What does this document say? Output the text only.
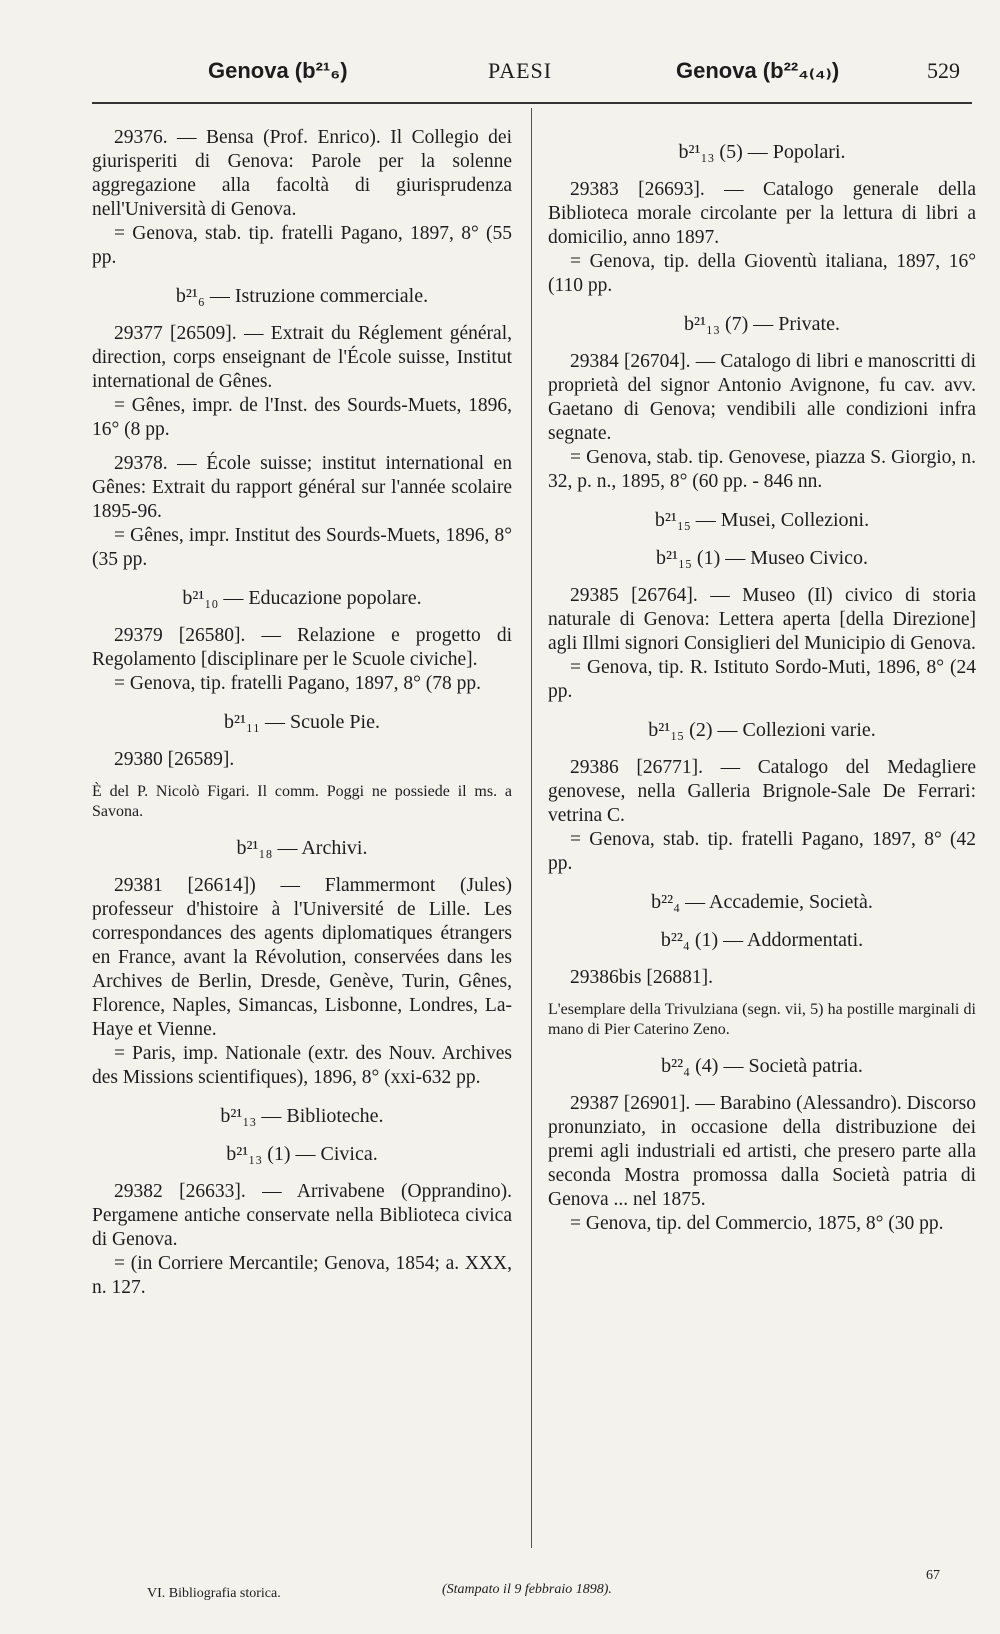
Genova (b²¹₆)	PAESI	Genova (b²²₄₍₄₎)	529

29376. — Bensa (Prof. Enrico). Il Collegio dei giurisperiti di Genova: Parole per la solenne aggregazione alla facoltà di giurisprudenza nell'Università di Genova.
= Genova, stab. tip. fratelli Pagano, 1897, 8° (55 pp.

b²¹₆ — Istruzione commerciale.

29377 [26509]. — Extrait du Réglement général, direction, corps enseignant de l'École suisse, Institut international de Gênes.
= Gênes, impr. de l'Inst. des Sourds-Muets, 1896, 16° (8 pp.

29378. — École suisse; institut international en Gênes: Extrait du rapport général sur l'année scolaire 1895-96.
= Gênes, impr. Institut des Sourds-Muets, 1896, 8° (35 pp.

b²¹₁₀ — Educazione popolare.

29379 [26580]. — Relazione e progetto di Regolamento [disciplinare per le Scuole civiche].
= Genova, tip. fratelli Pagano, 1897, 8° (78 pp.

b²¹₁₁ — Scuole Pie.

29380 [26589].

È del P. Nicolò Figari. Il comm. Poggi ne possiede il ms. a Savona.

b²¹₁₈ — Archivi.

29381 [26614]) — Flammermont (Jules) professeur d'histoire à l'Université de Lille. Les correspondances des agents diplomatiques étrangers en France, avant la Révolution, conservées dans les Archives de Berlin, Dresde, Genève, Turin, Gênes, Florence, Naples, Simancas, Lisbonne, Londres, La-Haye et Vienne.
= Paris, imp. Nationale (extr. des Nouv. Archives des Missions scientifiques), 1896, 8° (xxi-632 pp.

b²¹₁₃ — Biblioteche.
b²¹₁₃ (1) — Civica.

29382 [26633]. — Arrivabene (Opprandino). Pergamene antiche conservate nella Biblioteca civica di Genova.
= (in Corriere Mercantile; Genova, 1854; a. XXX, n. 127.

b²¹₁₃ (5) — Popolari.

29383 [26693]. — Catalogo generale della Biblioteca morale circolante per la lettura di libri a domicilio, anno 1897.
= Genova, tip. della Gioventù italiana, 1897, 16° (110 pp.

b²¹₁₃ (7) — Private.

29384 [26704]. — Catalogo di libri e manoscritti di proprietà del signor Antonio Avignone, fu cav. avv. Gaetano di Genova; vendibili alle condizioni infra segnate.
= Genova, stab. tip. Genovese, piazza S. Giorgio, n. 32, p. n., 1895, 8° (60 pp. - 846 nn.

b²¹₁₅ — Musei, Collezioni.
b²¹₁₅ (1) — Museo Civico.

29385 [26764]. — Museo (Il) civico di storia naturale di Genova: Lettera aperta [della Direzione] agli Illmi signori Consiglieri del Municipio di Genova.
= Genova, tip. R. Istituto Sordo-Muti, 1896, 8° (24 pp.

b²¹₁₅ (2) — Collezioni varie.

29386 [26771]. — Catalogo del Medagliere genovese, nella Galleria Brignole-Sale De Ferrari: vetrina C.
= Genova, stab. tip. fratelli Pagano, 1897, 8° (42 pp.

b²²₄ — Accademie, Società.
b²²₄ (1) — Addormentati.

29386bis [26881].

L'esemplare della Trivulziana (segn. vii, 5) ha postille marginali di mano di Pier Caterino Zeno.

b²²₄ (4) — Società patria.

29387 [26901]. — Barabino (Alessandro). Discorso pronunziato, in occasione della distribuzione dei premi agli industriali ed artisti, che presero parte alla seconda Mostra promossa dalla Società patria di Genova ... nel 1875.
= Genova, tip. del Commercio, 1875, 8° (30 pp.

VI. Bibliografia storica.	(Stampato il 9 febbraio 1898).
67
